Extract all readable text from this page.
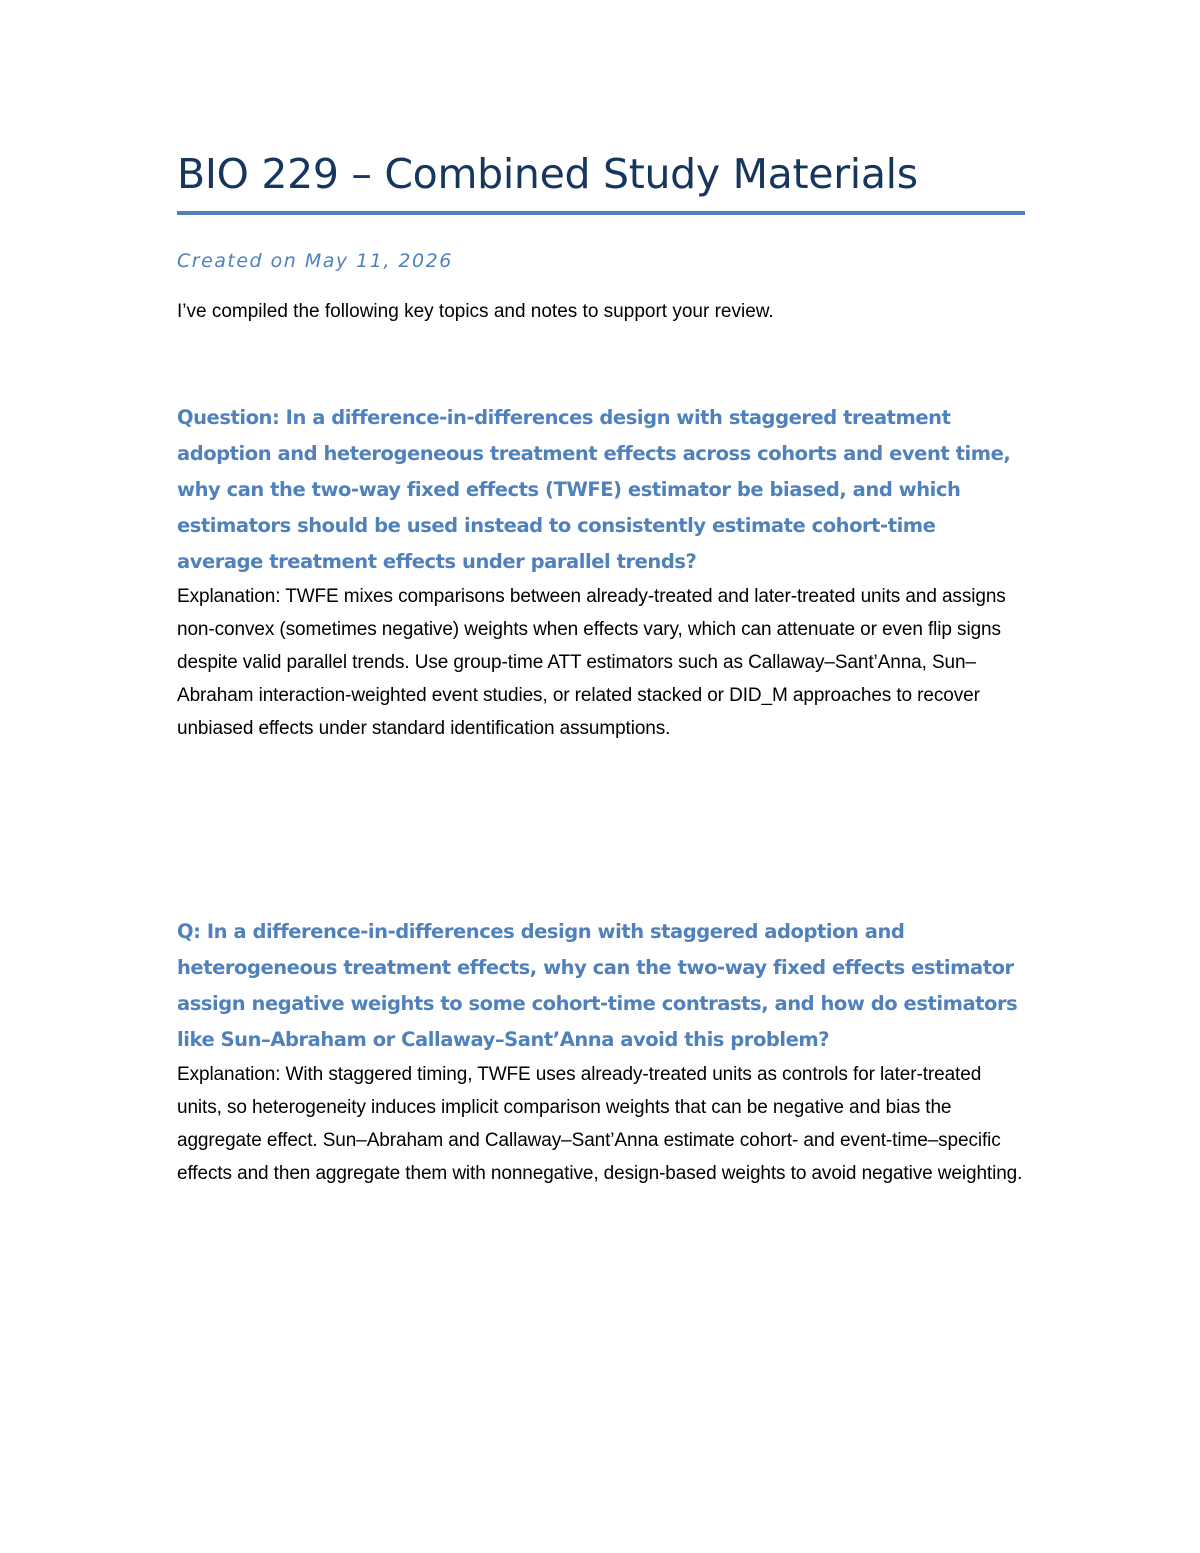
BIO 229 – Combined Study Materials
Created on May 11, 2026
I’ve compiled the following key topics and notes to support your review.

Question: In a difference-in-differences design with staggered treatment adoption and heterogeneous treatment effects across cohorts and event time, why can the two-way fixed effects (TWFE) estimator be biased, and which estimators should be used instead to consistently estimate cohort-time average treatment effects under parallel trends?

Explanation: TWFE mixes comparisons between already-treated and later-treated units and assigns non-convex (sometimes negative) weights when effects vary, which can attenuate or even flip signs despite valid parallel trends. Use group-time ATT estimators such as Callaway–Sant’Anna, Sun–Abraham interaction-weighted event studies, or related stacked or DID_M approaches to recover unbiased effects under standard identification assumptions.

Q: In a difference-in-differences design with staggered adoption and heterogeneous treatment effects, why can the two-way fixed effects estimator assign negative weights to some cohort-time contrasts, and how do estimators like Sun–Abraham or Callaway–Sant’Anna avoid this problem?

Explanation: With staggered timing, TWFE uses already-treated units as controls for later-treated units, so heterogeneity induces implicit comparison weights that can be negative and bias the aggregate effect. Sun–Abraham and Callaway–Sant’Anna estimate cohort- and event-time–specific effects and then aggregate them with nonnegative, design-based weights to avoid negative weighting.
